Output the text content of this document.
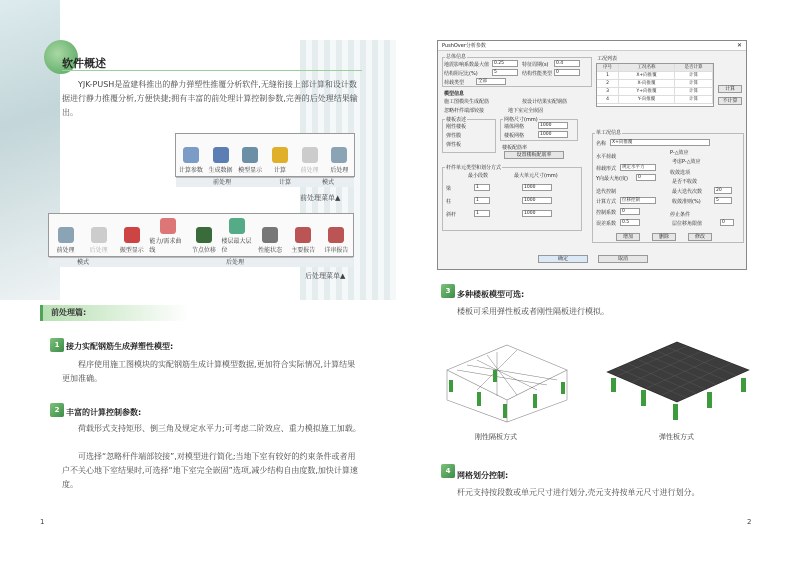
软件概述
YJK-PUSH是盈建科推出的静力弹塑性推覆分析软件,无缝衔接上部计算和设计数据进行静力推覆分析,方便快捷;拥有丰富的前处理计算控制参数,完善的后处理结果输出。
计算参数 生成数据 模型显示 计算 前处理 后处理
前处理	计算	模式
前处理菜单▲
前处理	后处理 振型显示
能力/需求曲线	节点位移
楼层最大层位	性能状态 主要报告 详审报告
模式	后处理
后处理菜单▲
前处理篇:
1 接力实配钢筋生成弹塑性模型:
程序使用施工图模块的实配钢筋生成计算模型数据,更加符合实际情况,计算结果更加准确。
2 丰富的计算控制参数:
荷载形式支持矩形、倒三角及规定水平力;可考虑二阶效应、重力模拟施工加载。
可选择“忽略杆件端部铰接”,对模型进行简化;当地下室有较好的约束条件或者用户不关心地下室结果时,可选择“地下室完全嵌固”选项,减少结构自由度数,加快计算速度。
1
PushOver分析参数	✕
总体信息
地震影响系数最大值	0.25	特征周期(s)	0.4
结构阻尼比(%)	5	结构性能类型 0
荷载类型	全部
模型信息
施工图模块生成配筋	按设计结果实配钢筋
忽略杆件端部铰接	地下室完全嵌固
楼板表述
刚性楼板
弹性膜
弹性板
网格尺寸(mm)
墙体网格	1000
楼板网格	1000
楼板配筋率
设置楼板配筋率
杆件单元类型和划分方式
最小段数	最大单元尺寸(mm)
梁	1	1000
柱	1	1000
斜杆	1	1000
工况列表
序号	工况名称	是否计算
1	X+向推覆	计算
2	X-向推覆	计算
3	Y+向推覆	计算
4	Y-向推覆	计算
计算
不计算
单工况信息
名称	X+向推覆
水平荷载
荷载形式	规定水平力
Y向最大角(度)	0
迭代控制
计算方式	位移控制
控制系数	0
误差系数	0.5
P-△效应
考虑P-△效应
收敛选项
是否不收敛
最大迭代次数	20
收敛准则(%)	5
停止条件
层位移角限值	0
增加	删除	修改
确定	取消
3 多种楼板模型可选:
楼板可采用弹性板或者刚性隔板进行模拟。
刚性隔板方式	弹性板方式
4 网格划分控制:
杆元支持按段数或单元尺寸进行划分,壳元支持按单元尺寸进行划分。
2
